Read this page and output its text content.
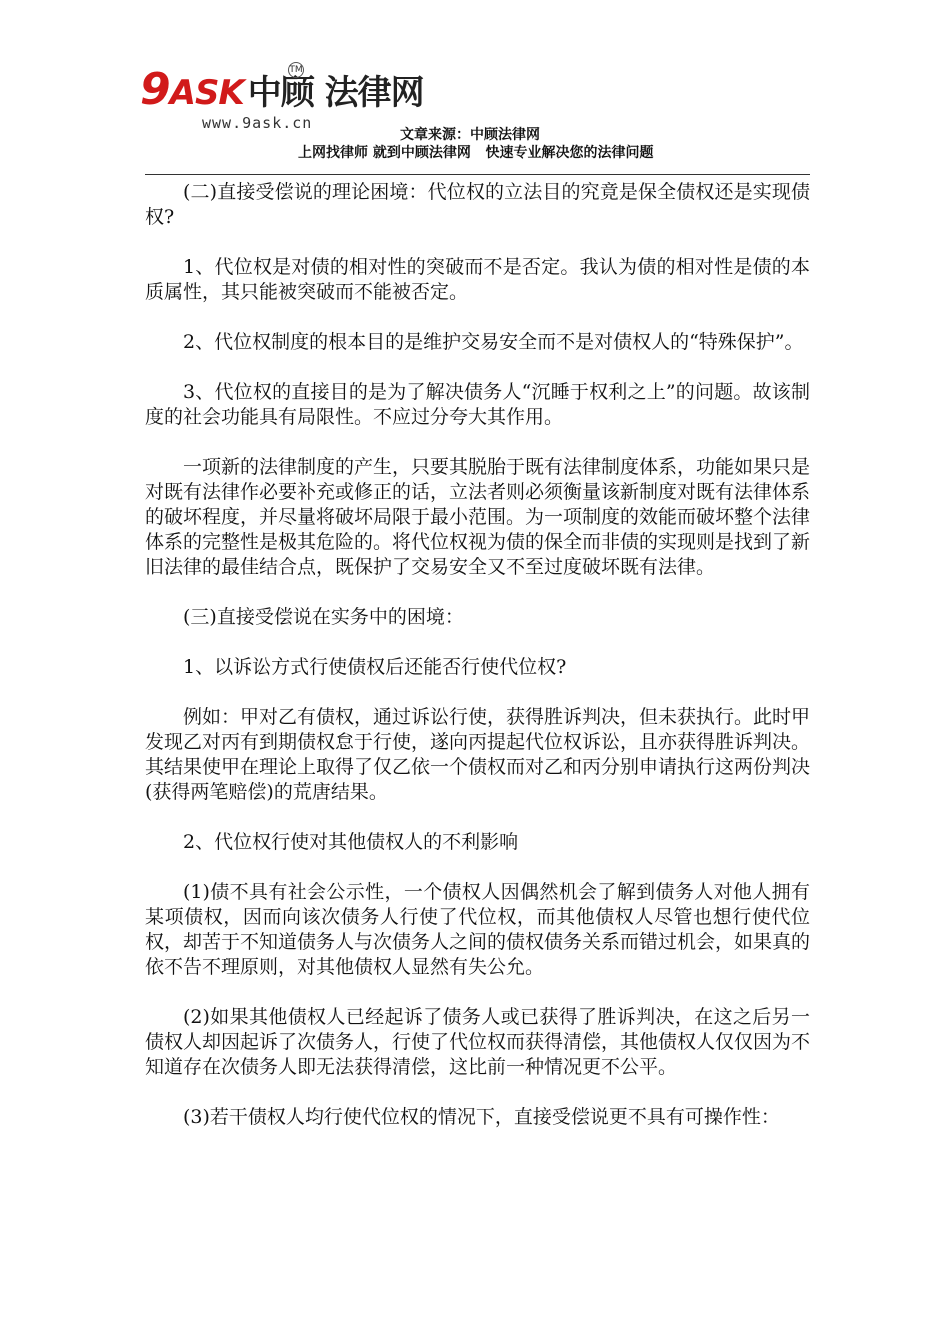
9ASK 中顾 法律网
TM
www.9ask.cn
文章来源：中顾法律网
上网找律师 就到中顾法律网   快速专业解决您的法律问题

(二)直接受偿说的理论困境：代位权的立法目的究竟是保全债权还是实现债权?

1、代位权是对债的相对性的突破而不是否定。我认为债的相对性是债的本质属性，其只能被突破而不能被否定。

2、代位权制度的根本目的是维护交易安全而不是对债权人的“特殊保护”。

3、代位权的直接目的是为了解决债务人“沉睡于权利之上”的问题。故该制度的社会功能具有局限性。不应过分夸大其作用。

一项新的法律制度的产生，只要其脱胎于既有法律制度体系，功能如果只是对既有法律作必要补充或修正的话，立法者则必须衡量该新制度对既有法律体系的破坏程度，并尽量将破坏局限于最小范围。为一项制度的效能而破坏整个法律体系的完整性是极其危险的。将代位权视为债的保全而非债的实现则是找到了新旧法律的最佳结合点，既保护了交易安全又不至过度破坏既有法律。

(三)直接受偿说在实务中的困境：

1、以诉讼方式行使债权后还能否行使代位权?

例如：甲对乙有债权，通过诉讼行使，获得胜诉判决，但未获执行。此时甲发现乙对丙有到期债权怠于行使，遂向丙提起代位权诉讼，且亦获得胜诉判决。其结果使甲在理论上取得了仅乙依一个债权而对乙和丙分别申请执行这两份判决(获得两笔赔偿)的荒唐结果。

2、代位权行使对其他债权人的不利影响

(1)债不具有社会公示性，一个债权人因偶然机会了解到债务人对他人拥有某项债权，因而向该次债务人行使了代位权，而其他债权人尽管也想行使代位权，却苦于不知道债务人与次债务人之间的债权债务关系而错过机会，如果真的依不告不理原则，对其他债权人显然有失公允。

(2)如果其他债权人已经起诉了债务人或已获得了胜诉判决，在这之后另一债权人却因起诉了次债务人，行使了代位权而获得清偿，其他债权人仅仅因为不知道存在次债务人即无法获得清偿，这比前一种情况更不公平。

(3)若干债权人均行使代位权的情况下，直接受偿说更不具有可操作性：
